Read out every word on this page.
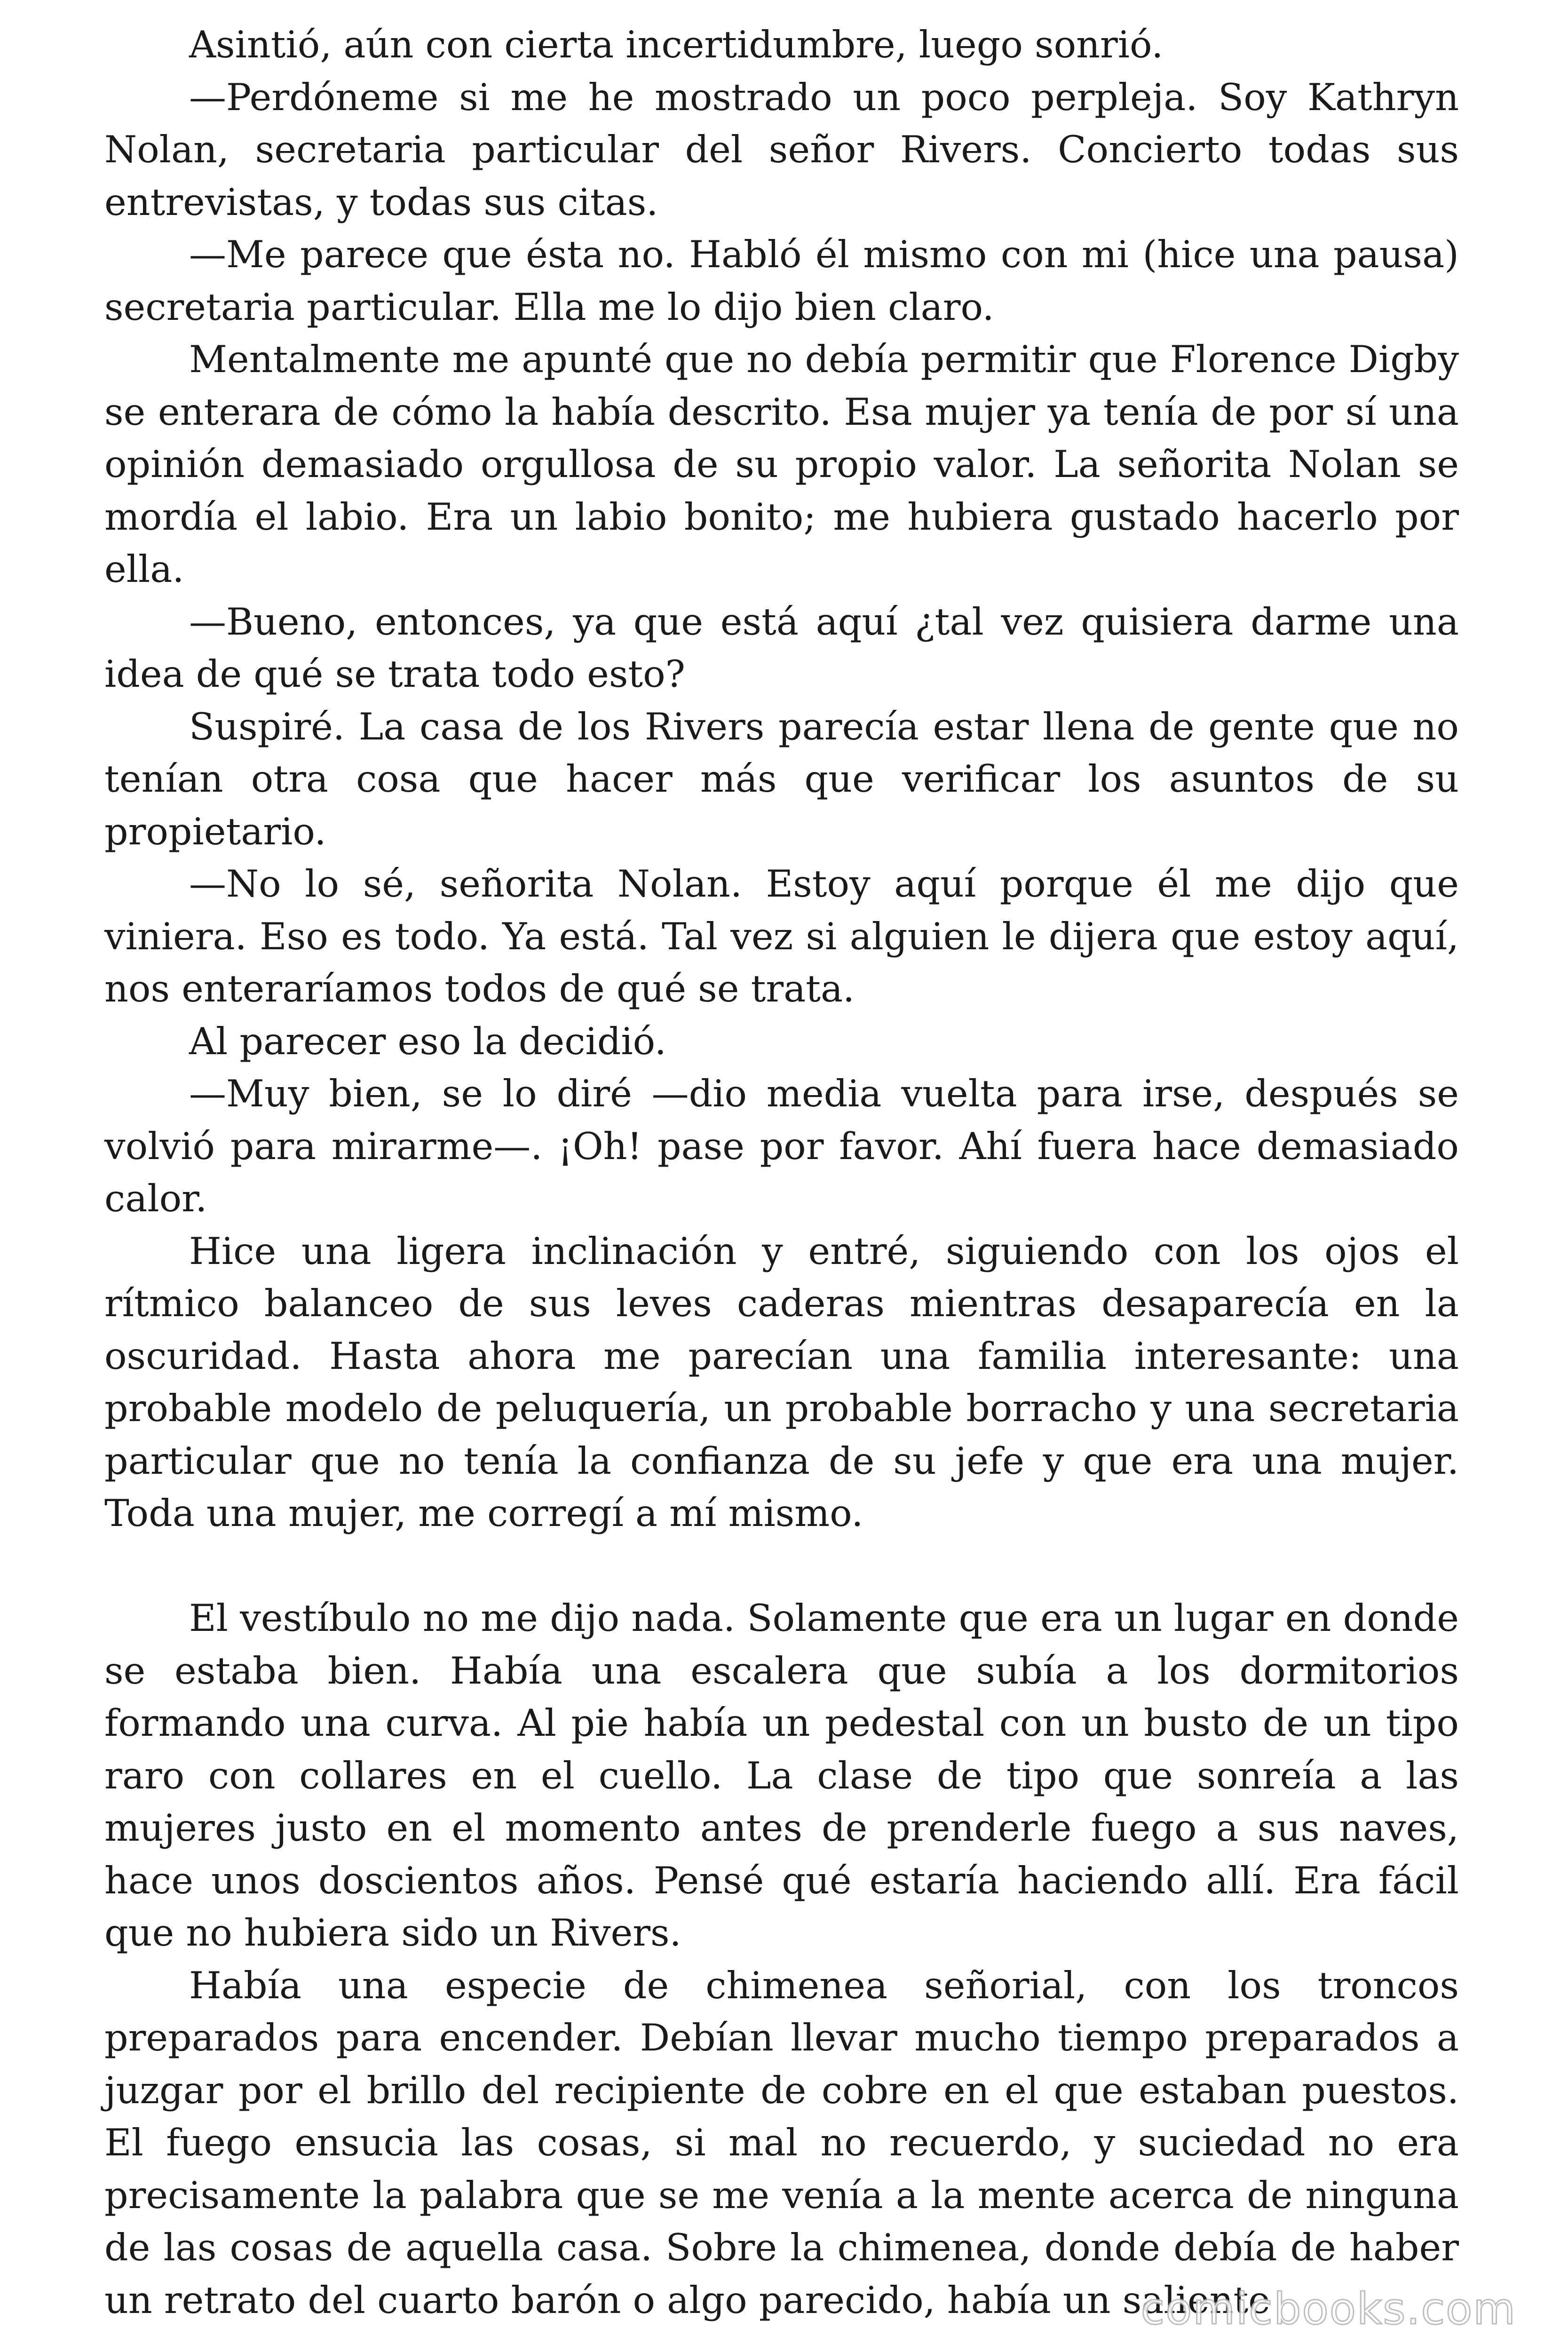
Asintió, aún con cierta incertidumbre, luego sonrió.

—Perdóneme si me he mostrado un poco perpleja. Soy Kathryn Nolan, secretaria particular del señor Rivers. Concierto todas sus entrevistas, y todas sus citas.

—Me parece que ésta no. Habló él mismo con mi (hice una pausa) secretaria particular. Ella me lo dijo bien claro.

Mentalmente me apunté que no debía permitir que Florence Digby se enterara de cómo la había descrito. Esa mujer ya tenía de por sí una opinión demasiado orgullosa de su propio valor. La señorita Nolan se mordía el labio. Era un labio bonito; me hubiera gustado hacerlo por ella.

—Bueno, entonces, ya que está aquí ¿tal vez quisiera darme una idea de qué se trata todo esto?

Suspiré. La casa de los Rivers parecía estar llena de gente que no tenían otra cosa que hacer más que verificar los asuntos de su propietario.

—No lo sé, señorita Nolan. Estoy aquí porque él me dijo que viniera. Eso es todo. Ya está. Tal vez si alguien le dijera que estoy aquí, nos enteraríamos todos de qué se trata.

Al parecer eso la decidió.

—Muy bien, se lo diré —dio media vuelta para irse, después se volvió para mirarme—. ¡Oh! pase por favor. Ahí fuera hace demasiado calor.

Hice una ligera inclinación y entré, siguiendo con los ojos el rítmico balanceo de sus leves caderas mientras desaparecía en la oscuridad. Hasta ahora me parecían una familia interesante: una probable modelo de peluquería, un probable borracho y una secretaria particular que no tenía la confianza de su jefe y que era una mujer. Toda una mujer, me corregí a mí mismo.

El vestíbulo no me dijo nada. Solamente que era un lugar en donde se estaba bien. Había una escalera que subía a los dormitorios formando una curva. Al pie había un pedestal con un busto de un tipo raro con collares en el cuello. La clase de tipo que sonreía a las mujeres justo en el momento antes de prenderle fuego a sus naves, hace unos doscientos años. Pensé qué estaría haciendo allí. Era fácil que no hubiera sido un Rivers.

Había una especie de chimenea señorial, con los troncos preparados para encender. Debían llevar mucho tiempo preparados a juzgar por el brillo del recipiente de cobre en el que estaban puestos. El fuego ensucia las cosas, si mal no recuerdo, y suciedad no era precisamente la palabra que se me venía a la mente acerca de ninguna de las cosas de aquella casa. Sobre la chimenea, donde debía de haber un retrato del cuarto barón o algo parecido, había un saliente

comicbooks.com
